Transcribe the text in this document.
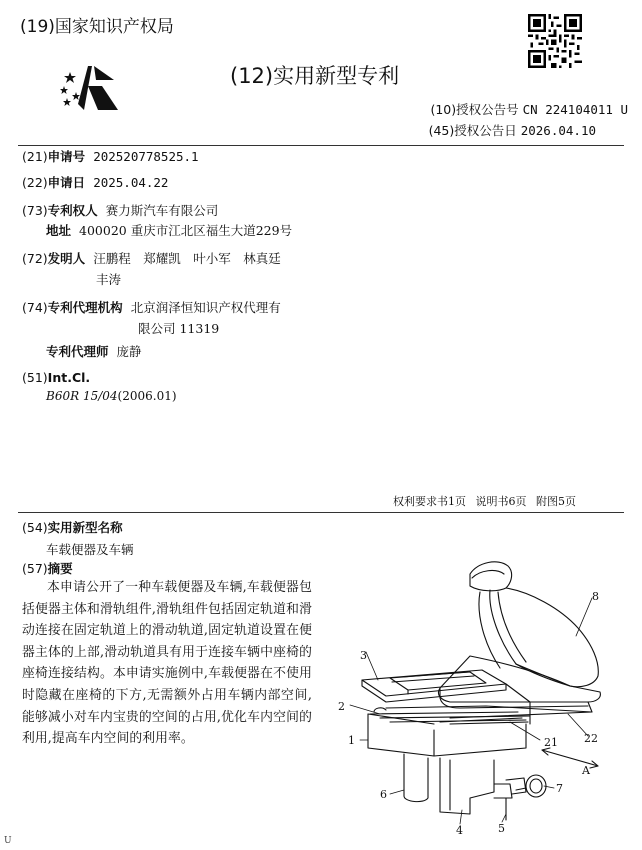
(19)国家知识产权局
(12)实用新型专利
(10)授权公告号 CN 224104011 U
(45)授权公告日 2026.04.10
(21)申请号 202520778525.1
(22)申请日 2025.04.22
(73)专利权人 赛力斯汽车有限公司
地址 400020 重庆市江北区福生大道229号
(72)发明人 汪鹏程　郑耀凯　叶小军　林真廷
丰涛
(74)专利代理机构 北京润泽恒知识产权代理有
限公司 11319
专利代理师 庞静
(51)Int.Cl.
B60R 15/04(2006.01)
权利要求书1页 说明书6页 附图5页
(54)实用新型名称
车载便器及车辆
(57)摘要
本申请公开了一种车载便器及车辆,车载便器包括便器主体和滑轨组件,滑轨组件包括固定轨道和滑动连接在固定轨道上的滑动轨道,固定轨道设置在便器主体的上部,滑动轨道具有用于连接车辆中座椅的座椅连接结构。本申请实施例中,车载便器在不使用时隐藏在座椅的下方,无需额外占用车辆内部空间,能够减小对车内宝贵的空间的占用,优化车内空间的利用,提高车内空间的利用率。
3
2
1
6
4	5
7
8
21 22
A
U
